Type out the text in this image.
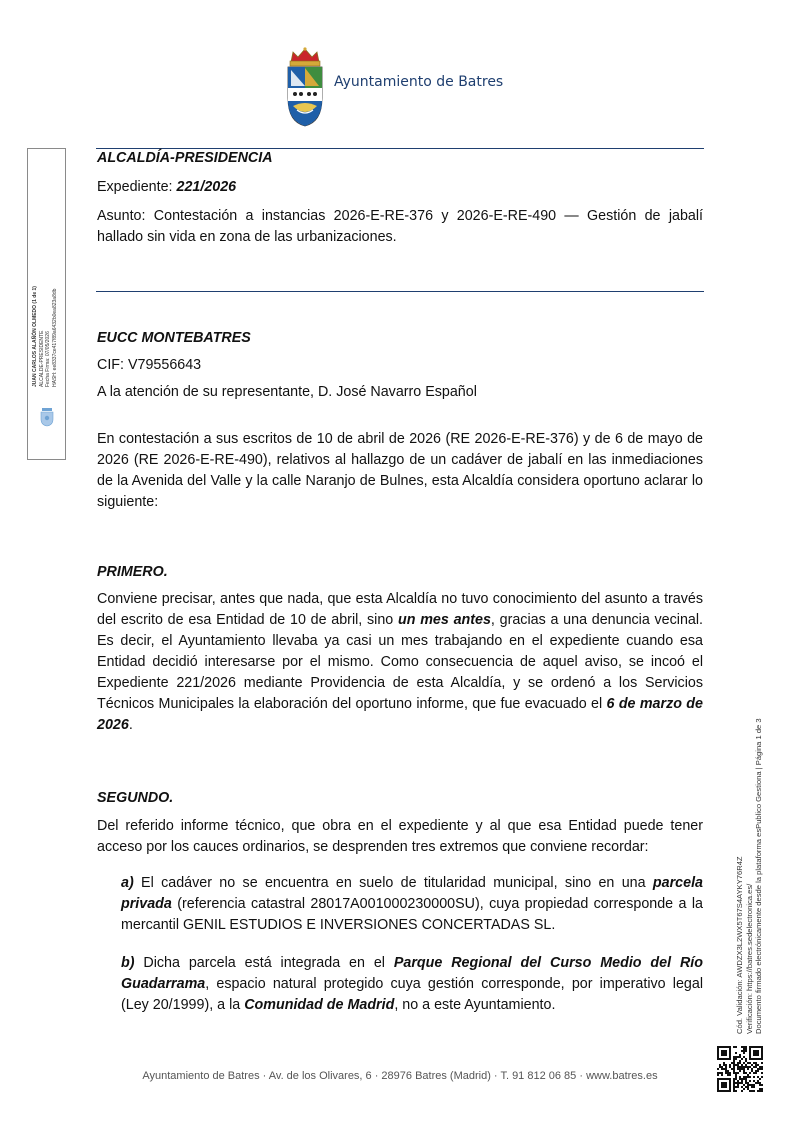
Ayuntamiento de Batres
JUAN CARLOS ALAÑÓN OLMEDO (1 de 1) ALCALDE-PRESIDENTE Fecha Firma: 07/05/2026 HASH: ee8337ce417f89a6432b0ea823a8db
Cód. Validación: AWDZX3L2WX5T67S4AYKY76R4Z Verificación: https://batres.sedelectronica.es/ Documento firmado electrónicamente desde la plataforma esPublico Gestiona | Página 1 de 3
ALCALDÍA-PRESIDENCIA
Expediente: 221/2026

Asunto: Contestación a instancias 2026-E-RE-376 y 2026-E-RE-490 — Gestión de jabalí hallado sin vida en zona de las urbanizaciones.

EUCC MONTEBATRES
CIF: V79556643
A la atención de su representante, D. José Navarro Español

En contestación a sus escritos de 10 de abril de 2026 (RE 2026-E-RE-376) y de 6 de mayo de 2026 (RE 2026-E-RE-490), relativos al hallazgo de un cadáver de jabalí en las inmediaciones de la Avenida del Valle y la calle Naranjo de Bulnes, esta Alcaldía considera oportuno aclarar lo siguiente:

PRIMERO.

Conviene precisar, antes que nada, que esta Alcaldía no tuvo conocimiento del asunto a través del escrito de esa Entidad de 10 de abril, sino un mes antes, gracias a una denuncia vecinal. Es decir, el Ayuntamiento llevaba ya casi un mes trabajando en el expediente cuando esa Entidad decidió interesarse por el mismo. Como consecuencia de aquel aviso, se incoó el Expediente 221/2026 mediante Providencia de esta Alcaldía, y se ordenó a los Servicios Técnicos Municipales la elaboración del oportuno informe, que fue evacuado el 6 de marzo de 2026.

SEGUNDO.

Del referido informe técnico, que obra en el expediente y al que esa Entidad puede tener acceso por los cauces ordinarios, se desprenden tres extremos que conviene recordar:

a) El cadáver no se encuentra en suelo de titularidad municipal, sino en una parcela privada (referencia catastral 28017A001000230000SU), cuya propiedad corresponde a la mercantil GENIL ESTUDIOS E INVERSIONES CONCERTADAS SL.

b) Dicha parcela está integrada en el Parque Regional del Curso Medio del Río Guadarrama, espacio natural protegido cuya gestión corresponde, por imperativo legal (Ley 20/1999), a la Comunidad de Madrid, no a este Ayuntamiento.

Ayuntamiento de Batres · Av. de los Olivares, 6 · 28976 Batres (Madrid) · T. 91 812 06 85 · www.batres.es
